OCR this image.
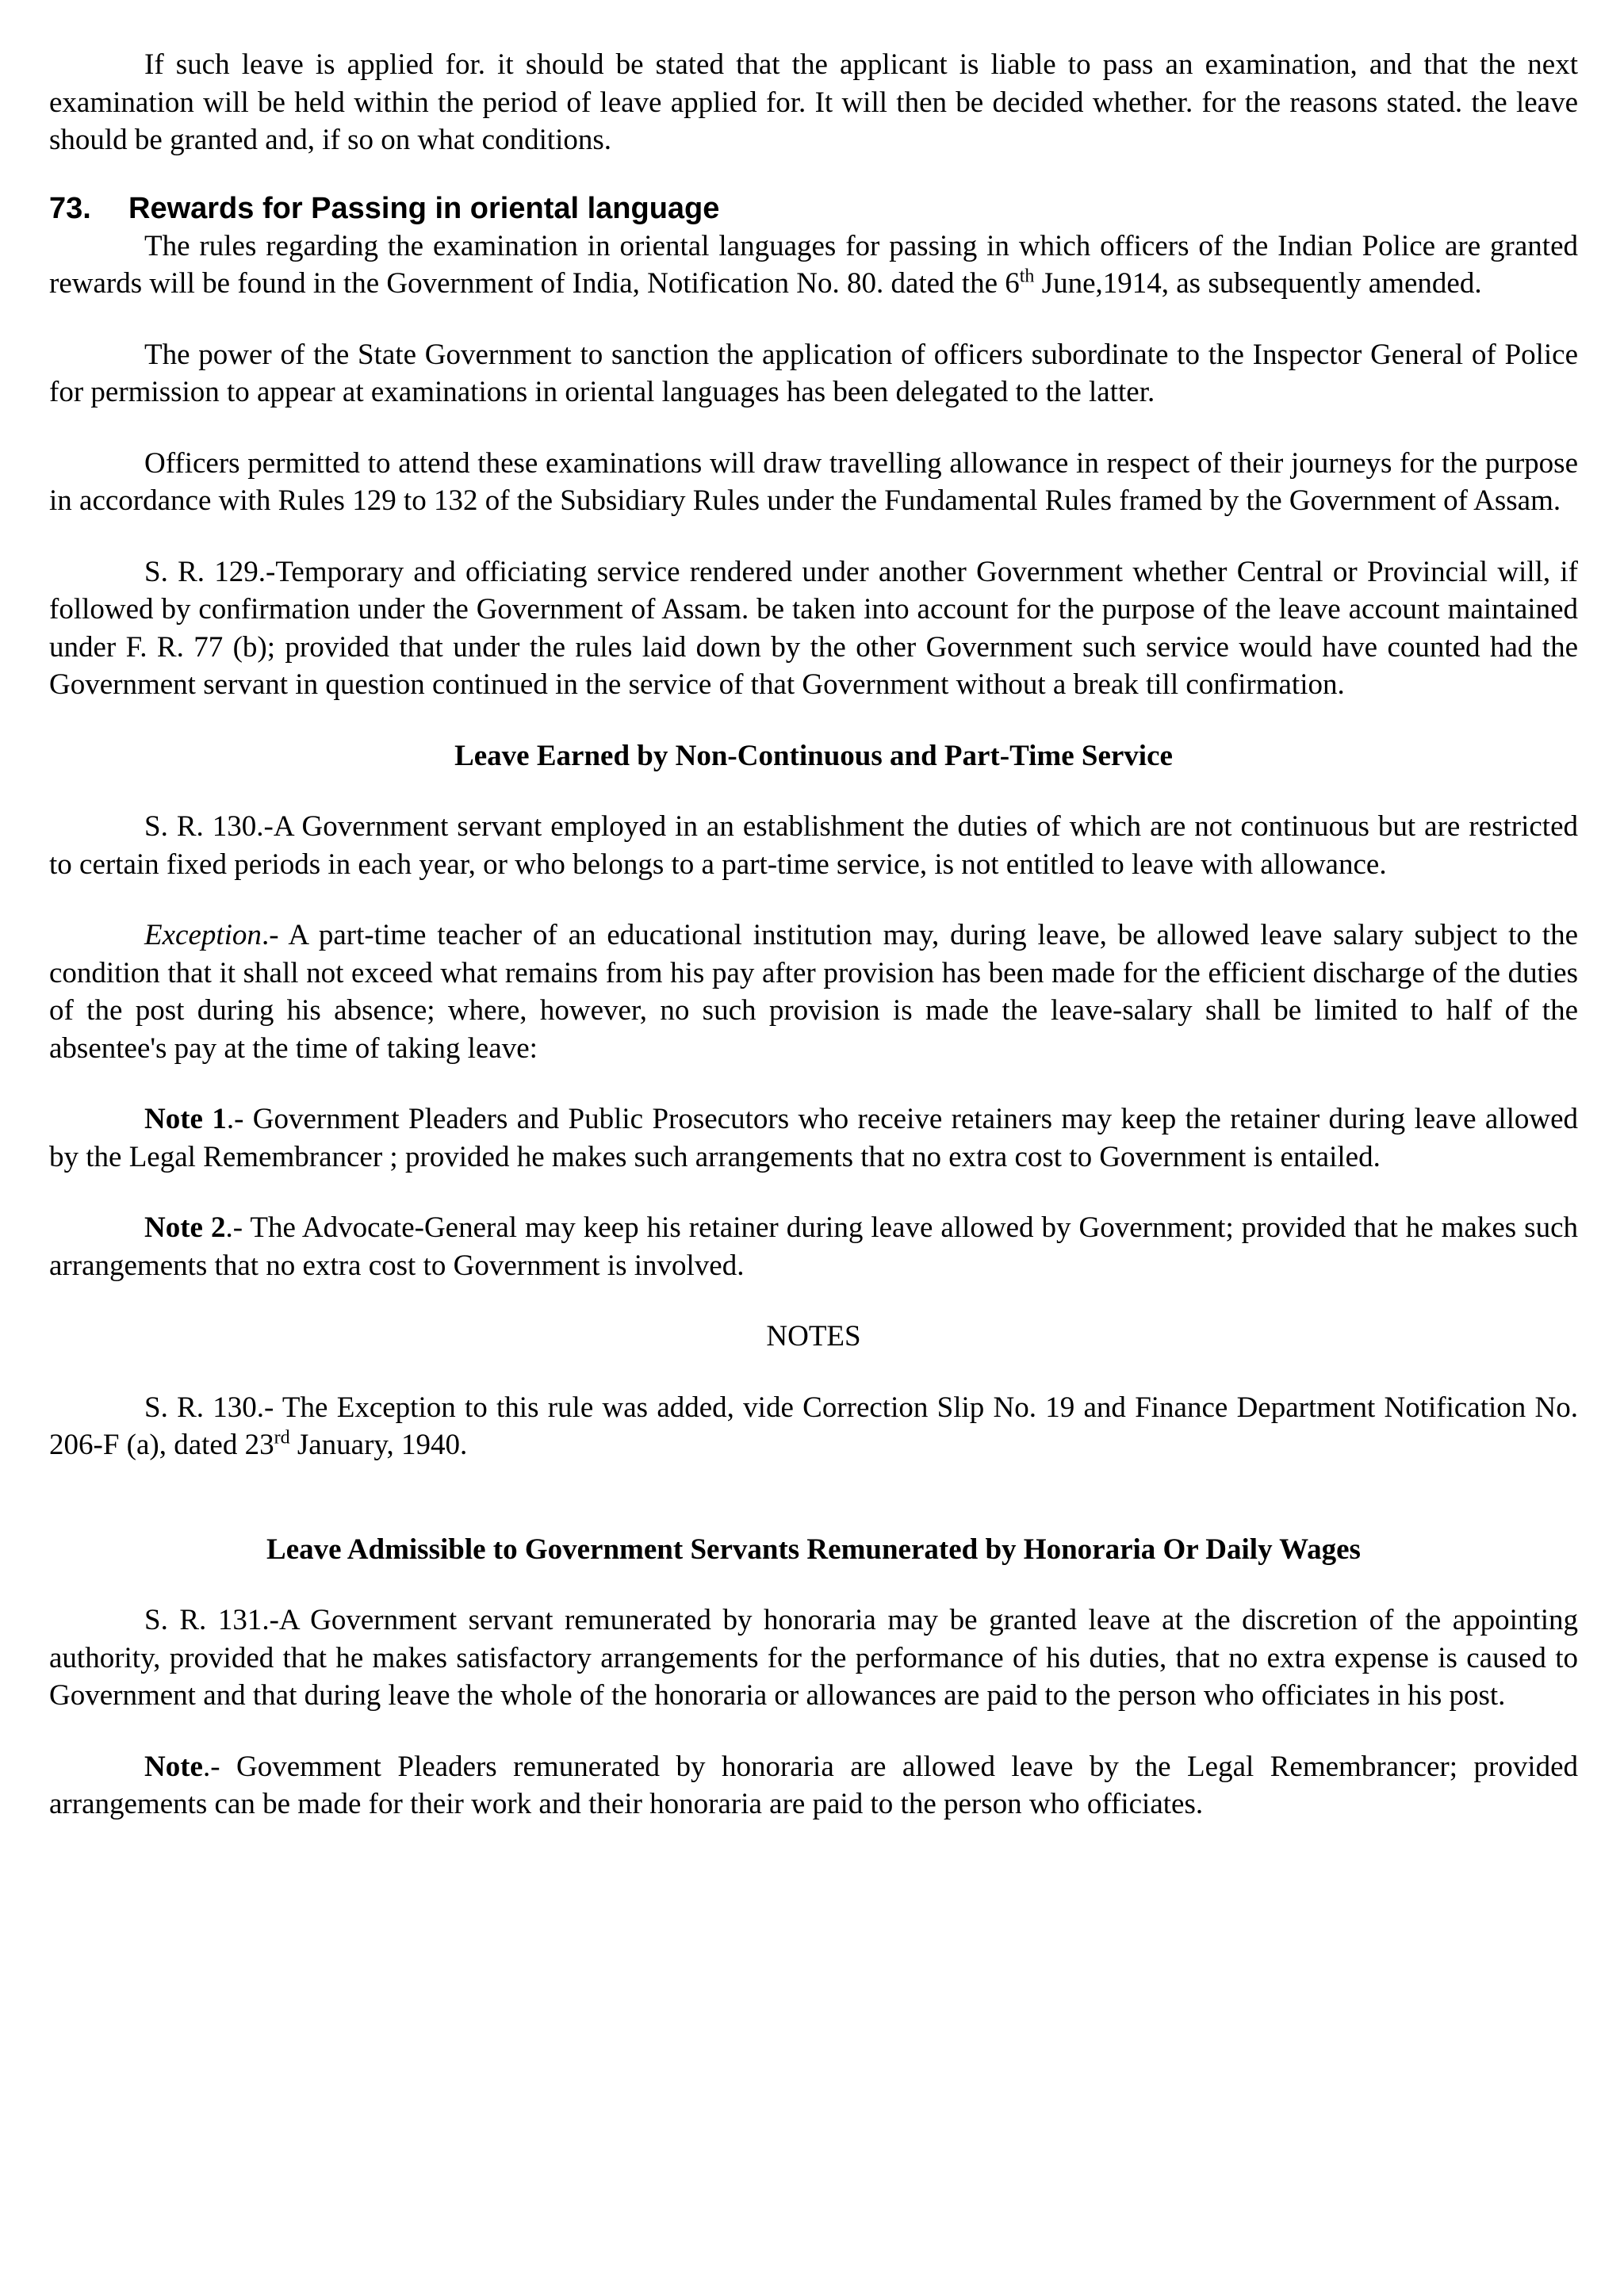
If such leave is applied for. it should be stated that the applicant is liable to pass an examination, and that the next examination will be held within the period of leave applied for. It will then be decided whether. for the reasons stated. the leave should be granted and, if so on what conditions.

73. Rewards for Passing in oriental language

The rules regarding the examination in oriental languages for passing in which officers of the Indian Police are granted rewards will be found in the Government of India, Notification No. 80. dated the 6th June,1914, as subsequently amended.

The power of the State Government to sanction the application of officers subordinate to the Inspector General of Police for permission to appear at examinations in oriental languages has been delegated to the latter.

Officers permitted to attend these examinations will draw travelling allowance in respect of their journeys for the purpose in accordance with Rules 129 to 132 of the Subsidiary Rules under the Fundamental Rules framed by the Government of Assam.

S. R. 129.-Temporary and officiating service rendered under another Government whether Central or Provincial will, if followed by confirmation under the Government of Assam. be taken into account for the purpose of the leave account maintained under F. R. 77 (b); provided that under the rules laid down by the other Government such service would have counted had the Government servant in question continued in the service of that Government without a break till confirmation.

Leave Earned by Non-Continuous and Part-Time Service

S. R. 130.-A Government servant employed in an establishment the duties of which are not continuous but are restricted to certain fixed periods in each year, or who belongs to a part-time service, is not entitled to leave with allowance.

Exception.- A part-time teacher of an educational institution may, during leave, be allowed leave salary subject to the condition that it shall not exceed what remains from his pay after provision has been made for the efficient discharge of the duties of the post during his absence; where, however, no such provision is made the leave-salary shall be limited to half of the absentee's pay at the time of taking leave:

Note 1.- Government Pleaders and Public Prosecutors who receive retainers may keep the retainer during leave allowed by the Legal Remembrancer ; provided he makes such arrangements that no extra cost to Government is entailed.

Note 2.- The Advocate-General may keep his retainer during leave allowed by Government; provided that he makes such arrangements that no extra cost to Government is involved.

NOTES

S. R. 130.- The Exception to this rule was added, vide Correction Slip No. 19 and Finance Department Notification No. 206-F (a), dated 23rd January, 1940.

Leave Admissible to Government Servants Remunerated by Honoraria Or Daily Wages

S. R. 131.-A Government servant remunerated by honoraria may be granted leave at the discretion of the appointing authority, provided that he makes satisfactory arrangements for the performance of his duties, that no extra expense is caused to Government and that during leave the whole of the honoraria or allowances are paid to the person who officiates in his post.

Note.- Govemment Pleaders remunerated by honoraria are allowed leave by the Legal Remembrancer; provided arrangements can be made for their work and their honoraria are paid to the person who officiates.
